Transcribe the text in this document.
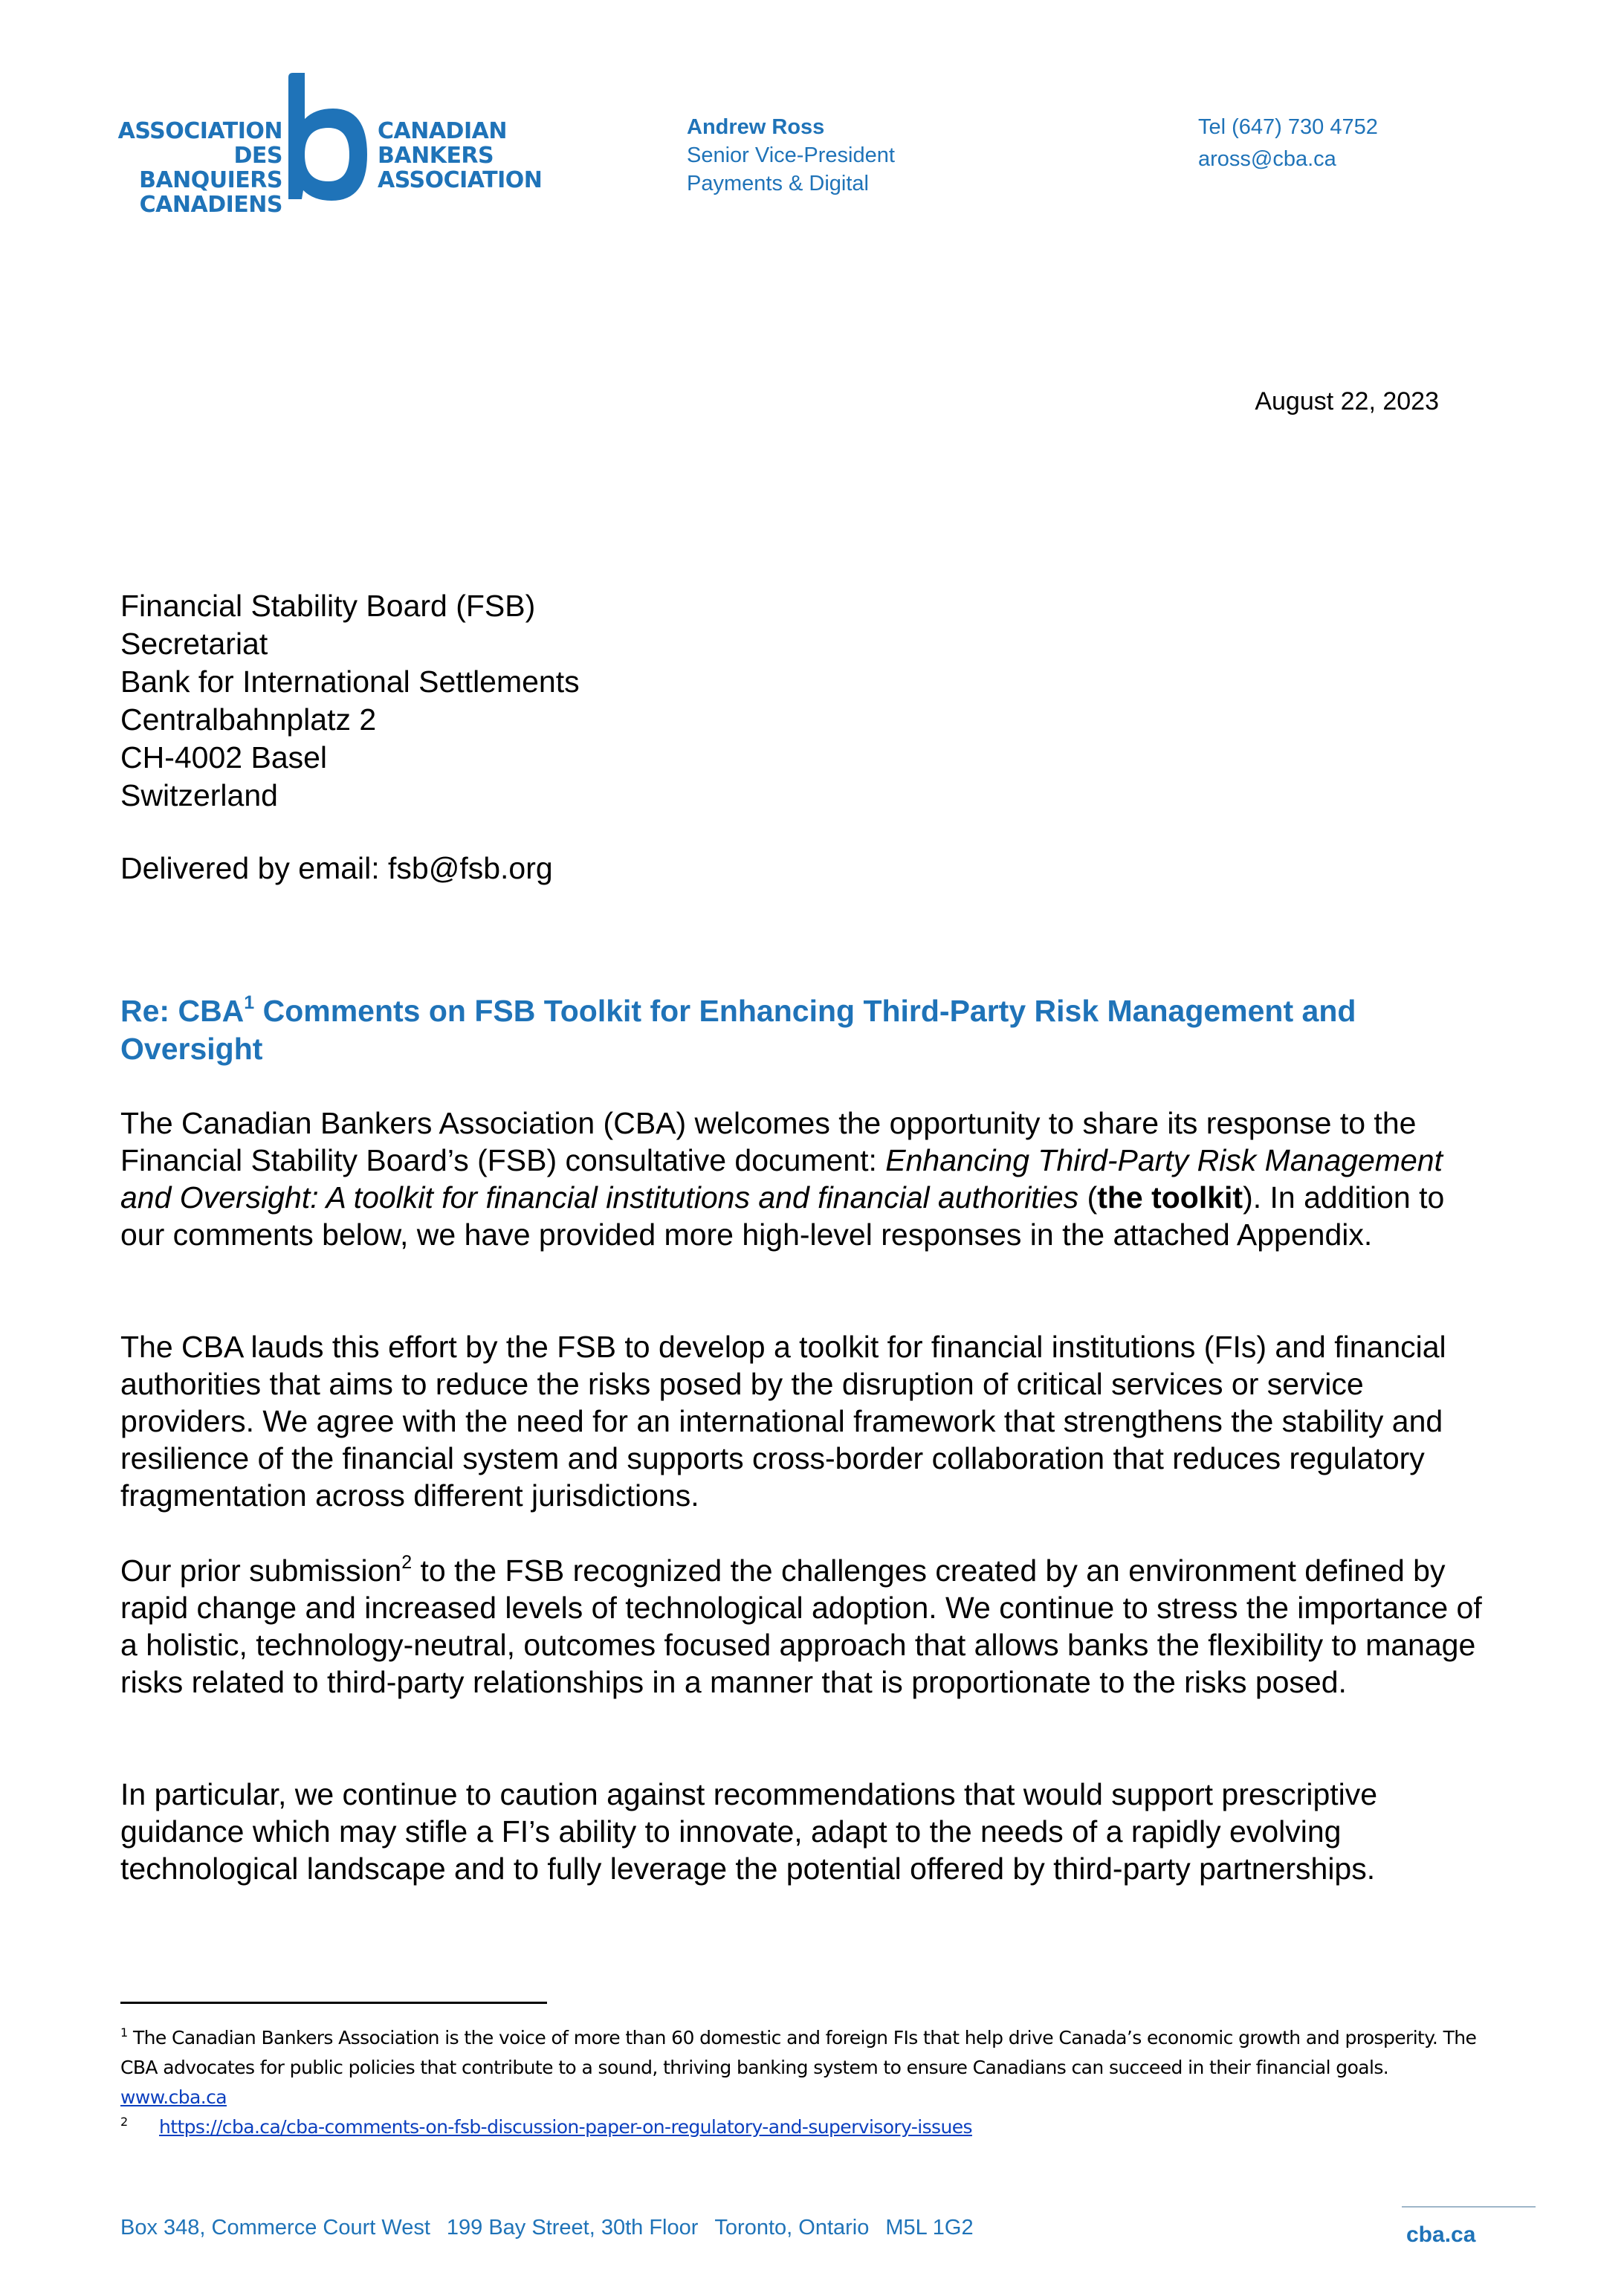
ASSOCIATION
DES BANQUIERS
CANADIENS
CANADIAN
BANKERS
ASSOCIATION
Andrew Ross
Senior Vice-President
Payments & Digital
Tel (647) 730 4752
aross@cba.ca
August 22, 2023
Financial Stability Board (FSB)
Secretariat
Bank for International Settlements
Centralbahnplatz 2
CH-4002 Basel
Switzerland
Delivered by email: fsb@fsb.org
Re: CBA$^1$ Comments on FSB Toolkit for Enhancing Third-Party Risk Management and Oversight
The Canadian Bankers Association (CBA) welcomes the opportunity to share its response to the Financial Stability Board’s (FSB) consultative document: Enhancing Third-Party Risk Management and Oversight: A toolkit for financial institutions and financial authorities (the toolkit). In addition to our comments below, we have provided more high-level responses in the attached Appendix.
The CBA lauds this effort by the FSB to develop a toolkit for financial institutions (FIs) and financial authorities that aims to reduce the risks posed by the disruption of critical services or service providers. We agree with the need for an international framework that strengthens the stability and resilience of the financial system and supports cross-border collaboration that reduces regulatory fragmentation across different jurisdictions.
Our prior submission$^2$ to the FSB recognized the challenges created by an environment defined by rapid change and increased levels of technological adoption. We continue to stress the importance of a holistic, technology-neutral, outcomes focused approach that allows banks the flexibility to manage risks related to third-party relationships in a manner that is proportionate to the risks posed.
In particular, we continue to caution against recommendations that would support prescriptive guidance which may stifle a FI’s ability to innovate, adapt to the needs of a rapidly evolving technological landscape and to fully leverage the potential offered by third-party partnerships.
$^1$ The Canadian Bankers Association is the voice of more than 60 domestic and foreign FIs that help drive Canada’s economic growth and prosperity. The CBA advocates for public policies that contribute to a sound, thriving banking system to ensure Canadians can succeed in their financial goals. www.cba.ca
$^2$ https://cba.ca/cba-comments-on-fsb-discussion-paper-on-regulatory-and-supervisory-issues
Box 348, Commerce Court West 199 Bay Street, 30th Floor Toronto, Ontario M5L 1G2	cba.ca
